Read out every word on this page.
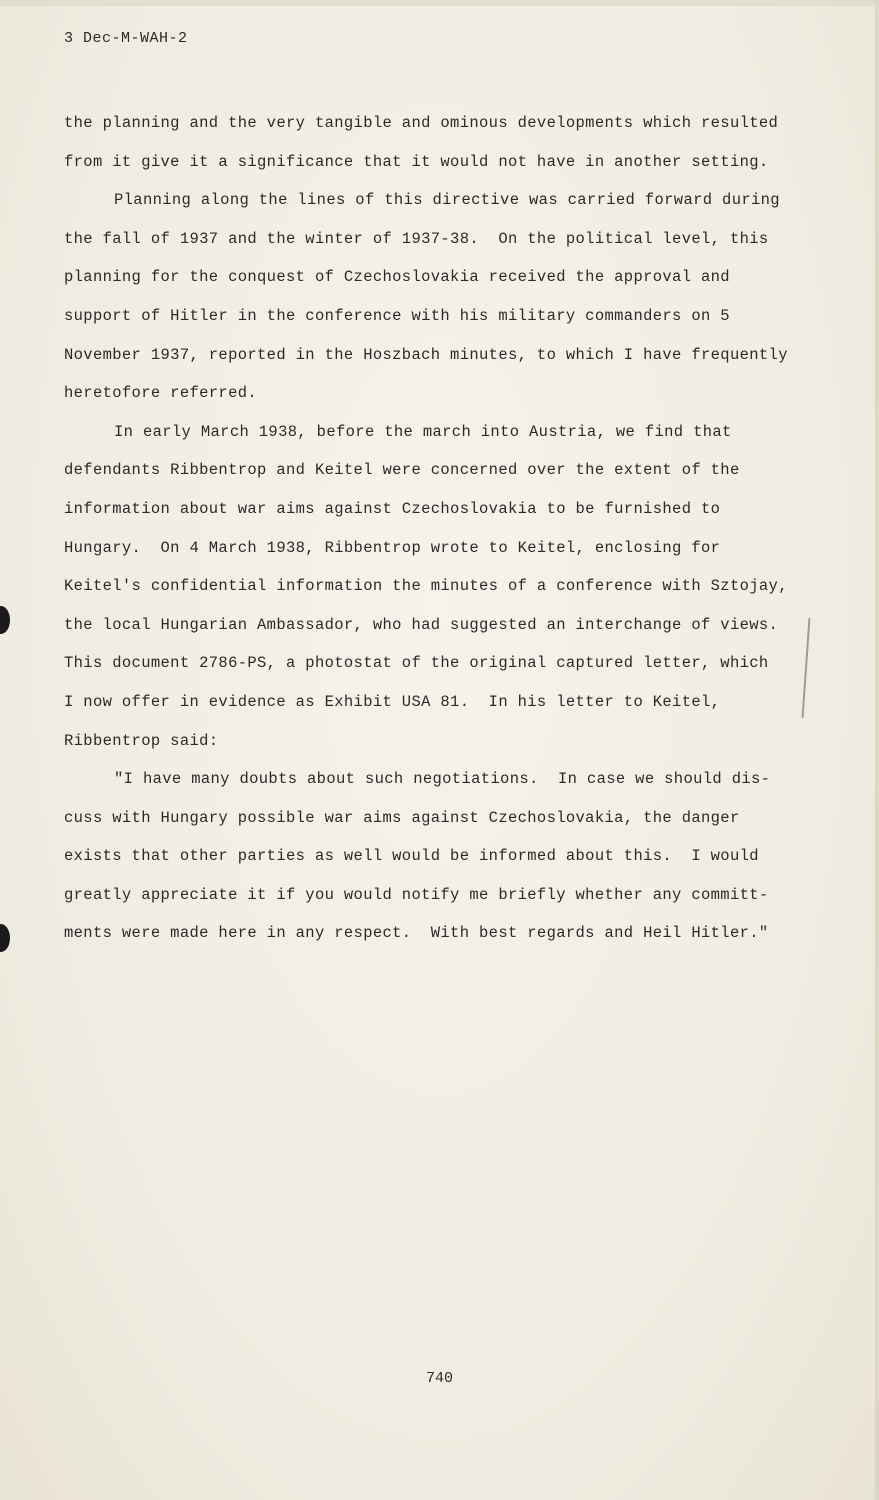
3 Dec-M-WAH-2
the planning and the very tangible and ominous developments which resulted
from it give it a significance that it would not have in another setting.
Planning along the lines of this directive was carried forward during
the fall of 1937 and the winter of 1937-38.  On the political level, this
planning for the conquest of Czechoslovakia received the approval and
support of Hitler in the conference with his military commanders on 5
November 1937, reported in the Hoszbach minutes, to which I have frequently
heretofore referred.
In early March 1938, before the march into Austria, we find that
defendants Ribbentrop and Keitel were concerned over the extent of the
information about war aims against Czechoslovakia to be furnished to
Hungary.  On 4 March 1938, Ribbentrop wrote to Keitel, enclosing for
Keitel's confidential information the minutes of a conference with Sztojay,
the local Hungarian Ambassador, who had suggested an interchange of views.
This document 2786-PS, a photostat of the original captured letter, which
I now offer in evidence as Exhibit USA 81.  In his letter to Keitel,
Ribbentrop said:
"I have many doubts about such negotiations.  In case we should dis-
cuss with Hungary possible war aims against Czechoslovakia, the danger
exists that other parties as well would be informed about this.  I would
greatly appreciate it if you would notify me briefly whether any committ-
ments were made here in any respect.  With best regards and Heil Hitler."
740
